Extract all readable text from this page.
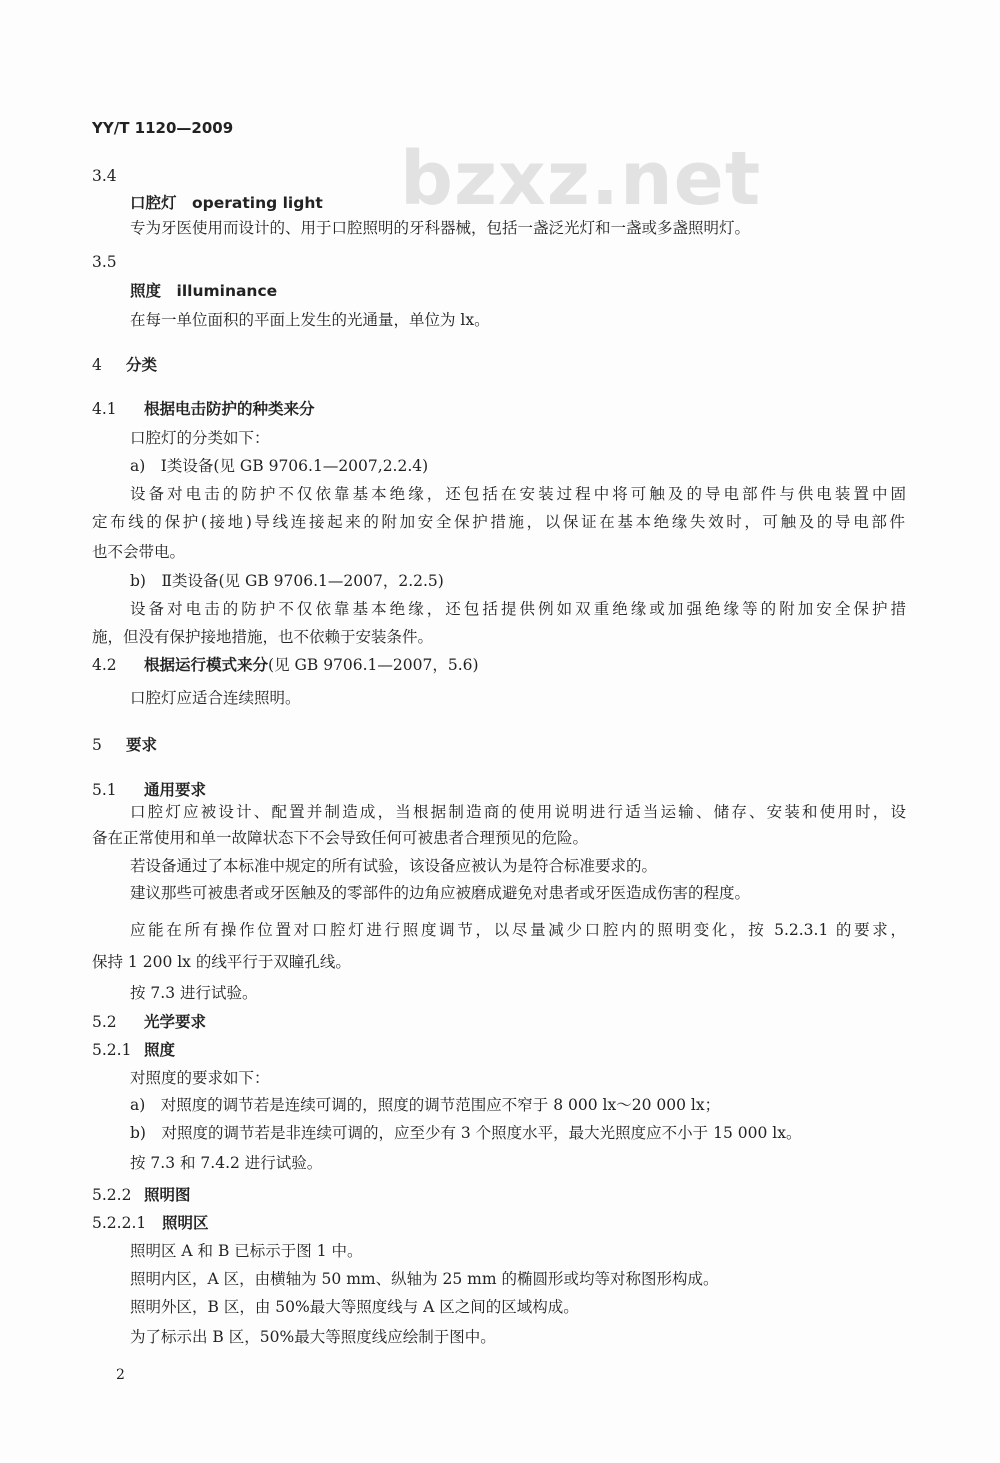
bzxz.net
YY/T 1120—2009
3.4
口腔灯　operating light
专为牙医使用而设计的、用于口腔照明的牙科器械，包括一盏泛光灯和一盏或多盏照明灯。
3.5
照度　illuminance
在每一单位面积的平面上发生的光通量，单位为 lx。
4 分类
4.1 根据电击防护的种类来分
口腔灯的分类如下：
a)　Ⅰ类设备(见 GB 9706.1—2007,2.2.4)
设备对电击的防护不仅依靠基本绝缘，还包括在安装过程中将可触及的导电部件与供电装置中固
定布线的保护(接地)导线连接起来的附加安全保护措施，以保证在基本绝缘失效时，可触及的导电部件
也不会带电。
b)　Ⅱ类设备(见 GB 9706.1—2007，2.2.5)
设备对电击的防护不仅依靠基本绝缘，还包括提供例如双重绝缘或加强绝缘等的附加安全保护措
施，但没有保护接地措施，也不依赖于安装条件。
4.2 根据运行模式来分(见 GB 9706.1—2007，5.6)
口腔灯应适合连续照明。
5 要求
5.1 通用要求
口腔灯应被设计、配置并制造成，当根据制造商的使用说明进行适当运输、储存、安装和使用时，设
备在正常使用和单一故障状态下不会导致任何可被患者合理预见的危险。
若设备通过了本标准中规定的所有试验，该设备应被认为是符合标准要求的。
建议那些可被患者或牙医触及的零部件的边角应被磨成避免对患者或牙医造成伤害的程度。
应能在所有操作位置对口腔灯进行照度调节，以尽量减少口腔内的照明变化，按 5.2.3.1 的要求，
保持 1 200 lx 的线平行于双瞳孔线。
按 7.3 进行试验。
5.2 光学要求
5.2.1 照度
对照度的要求如下：
a)　对照度的调节若是连续可调的，照度的调节范围应不窄于 8 000 lx～20 000 lx；
b)　对照度的调节若是非连续可调的，应至少有 3 个照度水平，最大光照度应不小于 15 000 lx。
按 7.3 和 7.4.2 进行试验。
5.2.2 照明图
5.2.2.1 照明区
照明区 A 和 B 已标示于图 1 中。
照明内区，A 区，由横轴为 50 mm、纵轴为 25 mm 的椭圆形或均等对称图形构成。
照明外区，B 区，由 50%最大等照度线与 A 区之间的区域构成。
为了标示出 B 区，50%最大等照度线应绘制于图中。
2
